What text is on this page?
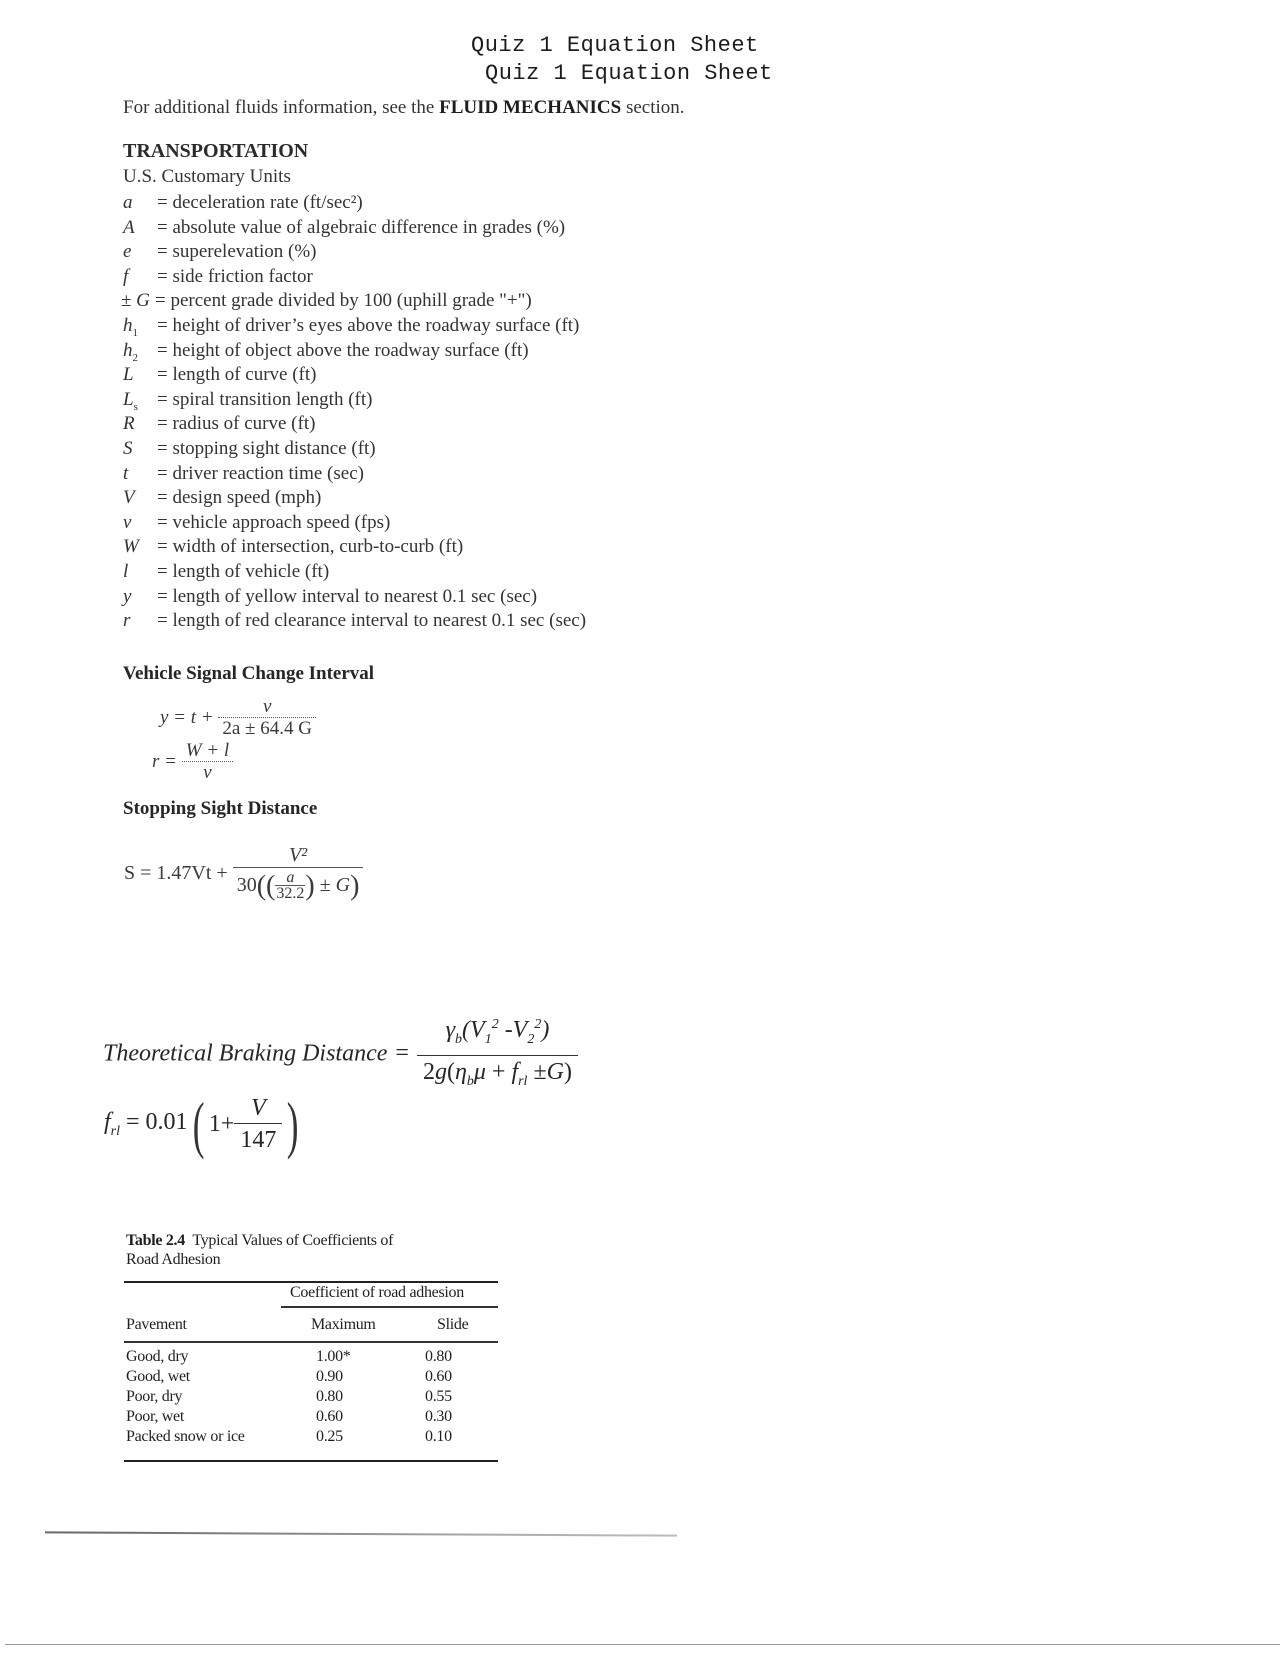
Quiz 1 Equation Sheet
Quiz 1 Equation Sheet
For additional fluids information, see the FLUID MECHANICS section.
TRANSPORTATION
U.S. Customary Units
a = deceleration rate (ft/sec²)
A = absolute value of algebraic difference in grades (%)
e = superelevation (%)
f = side friction factor
± G = percent grade divided by 100 (uphill grade "+")
$h_1$ = height of driver’s eyes above the roadway surface (ft)
$h_2$ = height of object above the roadway surface (ft)
L = length of curve (ft)
$L_s$ = spiral transition length (ft)
R = radius of curve (ft)
S = stopping sight distance (ft)
t = driver reaction time (sec)
V = design speed (mph)
v = vehicle approach speed (fps)
W = width of intersection, curb-to-curb (ft)
l = length of vehicle (ft)
y = length of yellow interval to nearest 0.1 sec (sec)
r = length of red clearance interval to nearest 0.1 sec (sec)
Vehicle Signal Change Interval
$y = t + \frac{v}{2a \pm 64.4 G}$
$r = \frac{W + l}{v}$
Stopping Sight Distance
$S = 1.47Vt + \frac{\text{V²}}{30(( \frac{a}{32.2} ) \pm G)}$
Theoretical Braking Distance = $\frac{\gamma_b(V_1^2 -V_2^2)}{2g(\eta_b\mu + f_{rl} \pm G)}$
$f_{rl} = 0.01$( $1+ \frac{V}{147}$ )
Table 2.4 Typical Values of Coefficients of
Road Adhesion
Coefficient of road adhesion
Pavement	Maximum	Slide
Good, dry	1.00*	0.80
Good, wet	0.90	0.60
Poor, dry	0.80	0.55
Poor, wet	0.60	0.30
Packed snow or ice	0.25	0.10
